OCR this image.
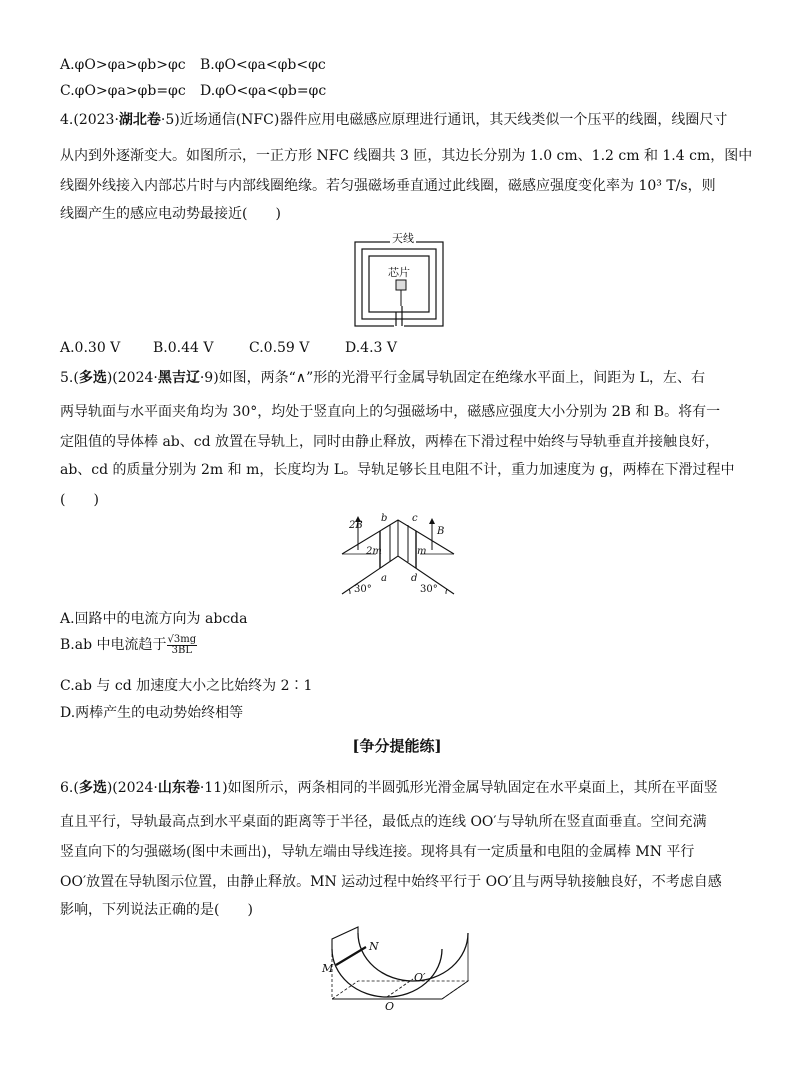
A.φO>φa>φb>φc B.φO<φa<φb<φc
C.φO>φa>φb=φc D.φO<φa<φb=φc
4.(2023·湖北卷·5)近场通信(NFC)器件应用电磁感应原理进行通讯，其天线类似一个压平的线圈，线圈尺寸
从内到外逐渐变大。如图所示，一正方形 NFC 线圈共 3 匝，其边长分别为 1.0 cm、1.2 cm 和 1.4 cm，图中
线圈外线接入内部芯片时与内部线圈绝缘。若匀强磁场垂直通过此线圈，磁感应强度变化率为 10³ T/s，则
线圈产生的感应电动势最接近(　　)
天线
芯片
A.0.30 V B.0.44 V	C.0.59 V	D.4.3 V
5.(多选)(2024·黑吉辽·9)如图，两条“∧”形的光滑平行金属导轨固定在绝缘水平面上，间距为 L，左、右
两导轨面与水平面夹角均为 30°，均处于竖直向上的匀强磁场中，磁感应强度大小分别为 2B 和 B。将有一
定阻值的导体棒 ab、cd 放置在导轨上，同时由静止释放，两棒在下滑过程中始终与导轨垂直并接触良好，
ab、cd 的质量分别为 2m 和 m，长度均为 L。导轨足够长且电阻不计，重力加速度为 g，两棒在下滑过程中
(　　)
2B
B
b c
a d
2m	m
30°	30°
A.回路中的电流方向为 abcda
B.ab 中电流趋于 $\frac{√3mg}{3BL}$
C.ab 与 cd 加速度大小之比始终为 2∶1
D.两棒产生的电动势始终相等
[争分提能练]
6.(多选)(2024·山东卷·11)如图所示，两条相同的半圆弧形光滑金属导轨固定在水平桌面上，其所在平面竖
直且平行，导轨最高点到水平桌面的距离等于半径，最低点的连线 OO′与导轨所在竖直面垂直。空间充满
竖直向下的匀强磁场(图中未画出)，导轨左端由导线连接。现将具有一定质量和电阻的金属棒 MN 平行
OO′放置在导轨图示位置，由静止释放。MN 运动过程中始终平行于 OO′且与两导轨接触良好，不考虑自感
影响，下列说法正确的是(　　)
N
M
O
O′
